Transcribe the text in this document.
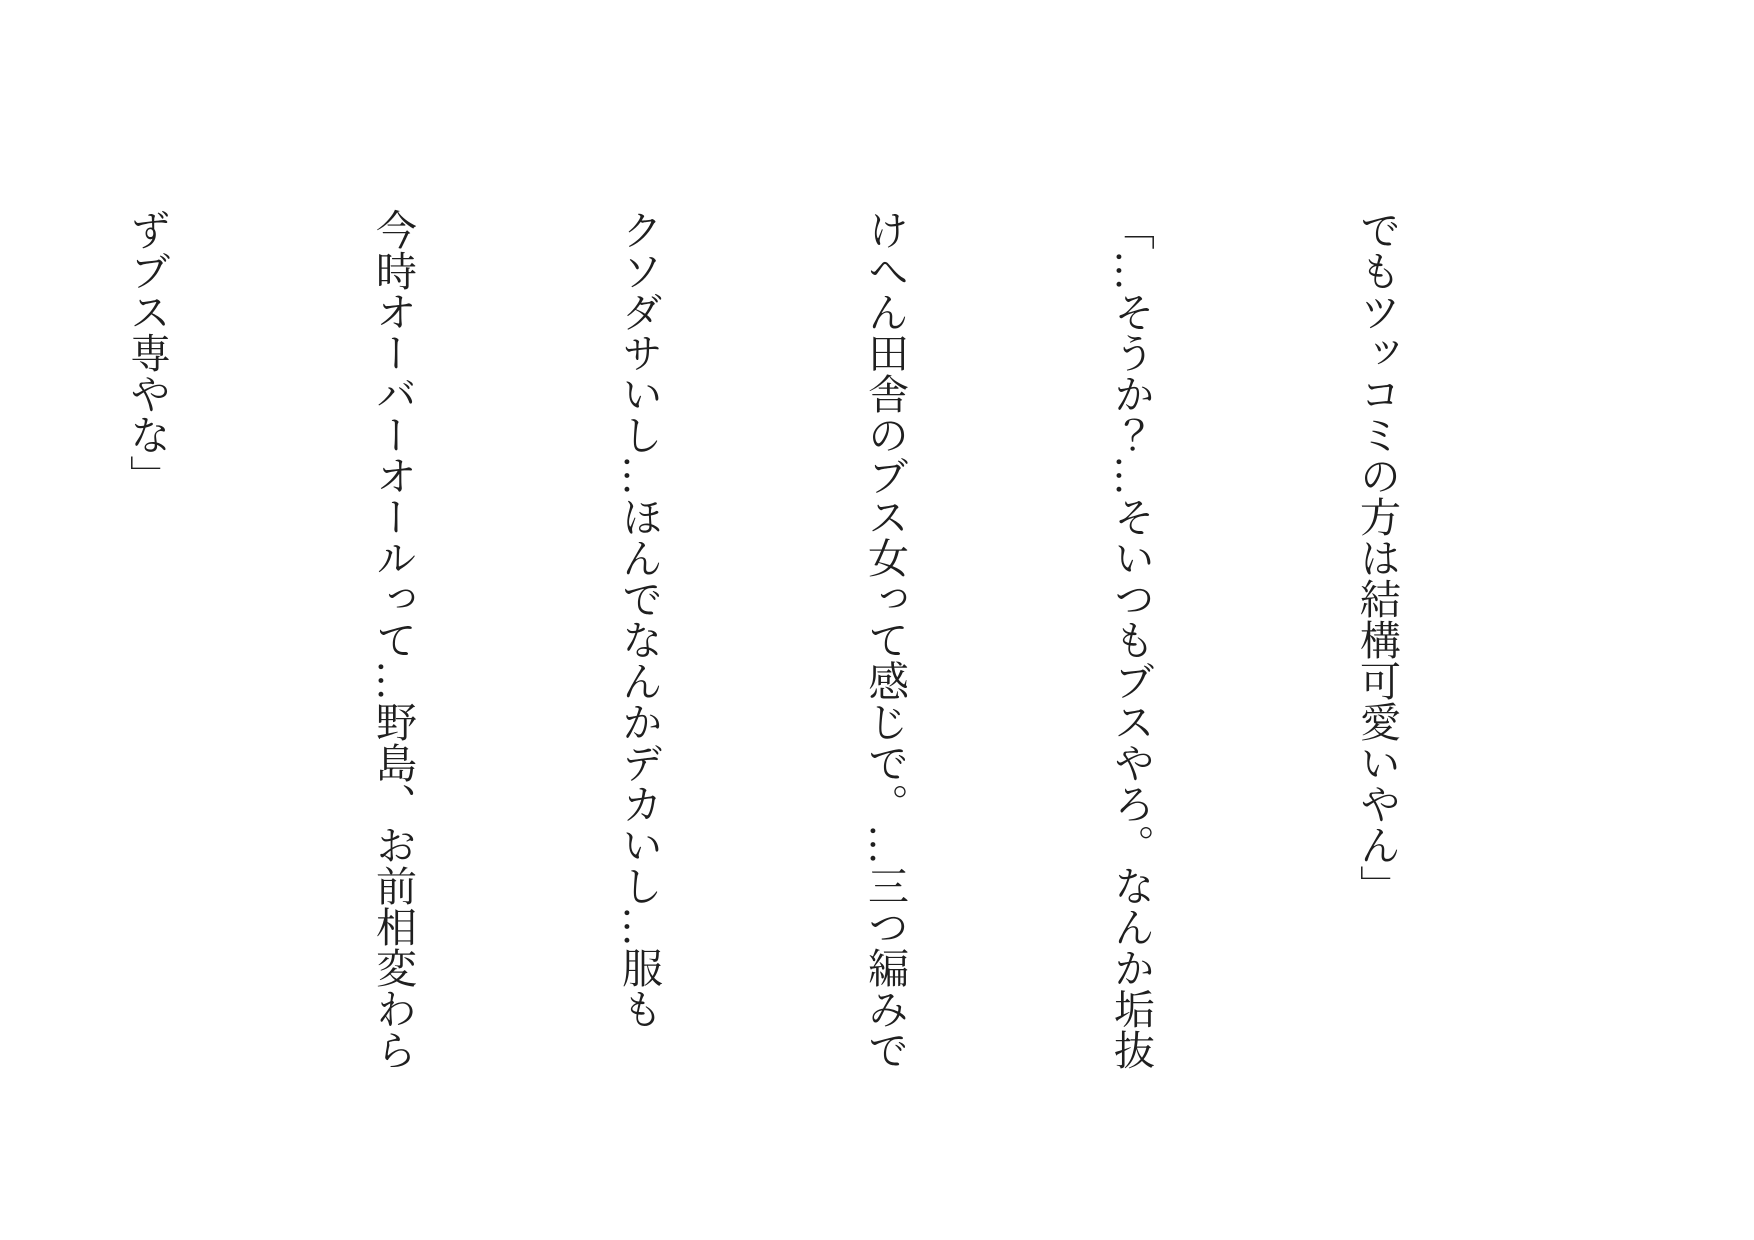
でもツッコミの方は結構可愛いやん」

「…そうか？…そいつもブスやろ。なんか垢抜

けへん田舎のブス女って感じで。…三つ編みで

クソダサいし…ほんでなんかデカいし…服も

今時オーバーオールって…野島、お前相変わら

ずブス専やな」
